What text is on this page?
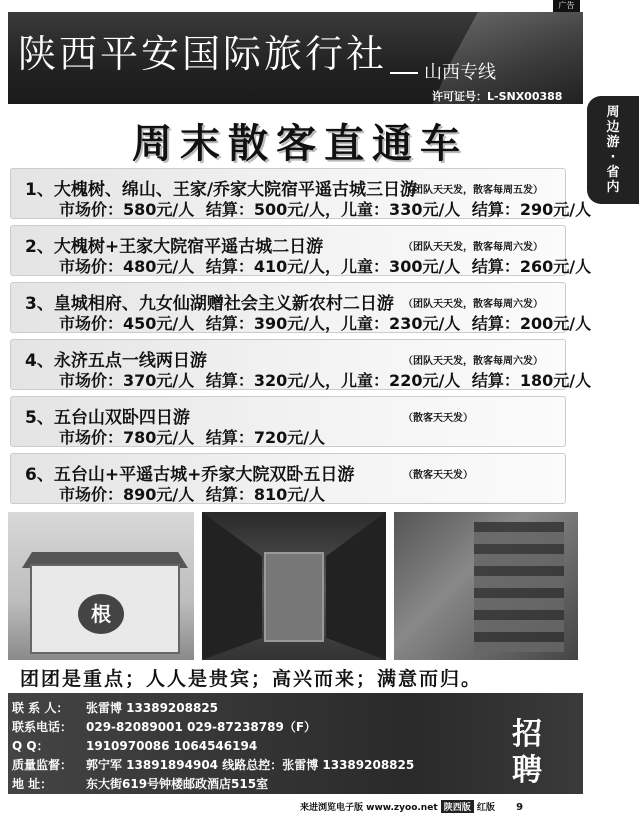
广告
陕西平安国际旅行社	山西专线
许可证号：L-SNX00388
周
边
游
·
省
内
周末散客直通车
1、大槐树、绵山、王家/乔家大院宿平遥古城三日游
（团队天天发，散客每周五发）
市场价：580元/人 结算：500元/人，儿童：330元/人 结算：290元/人
2、大槐树+王家大院宿平遥古城二日游	（团队天天发，散客每周六发）
市场价：480元/人 结算：410元/人，儿童：300元/人 结算：260元/人
3、皇城相府、九女仙湖赠社会主义新农村二日游 （团队天天发，散客每周六发）
市场价：450元/人 结算：390元/人，儿童：230元/人 结算：200元/人
4、永济五点一线两日游	（团队天天发，散客每周六发）
市场价：370元/人 结算：320元/人，儿童：220元/人 结算：180元/人
5、五台山双卧四日游	（散客天天发）
市场价：780元/人 结算：720元/人
6、五台山+平遥古城+乔家大院双卧五日游	（散客天天发）
市场价：890元/人 结算：810元/人
根
团团是重点；人人是贵宾；高兴而来；满意而归。
联 系 人： 张雷博 13389208825
联系电话： 029-82089001 029-87238789（F）
Q Q：	1910970086 1064546194
质量监督： 郭宁军 13891894904 线路总控：张雷博 13389208825
地 址：	东大街619号钟楼邮政酒店515室
招
聘
来进浏览电子版 www.zyoo.net 陕西版 红版 9
